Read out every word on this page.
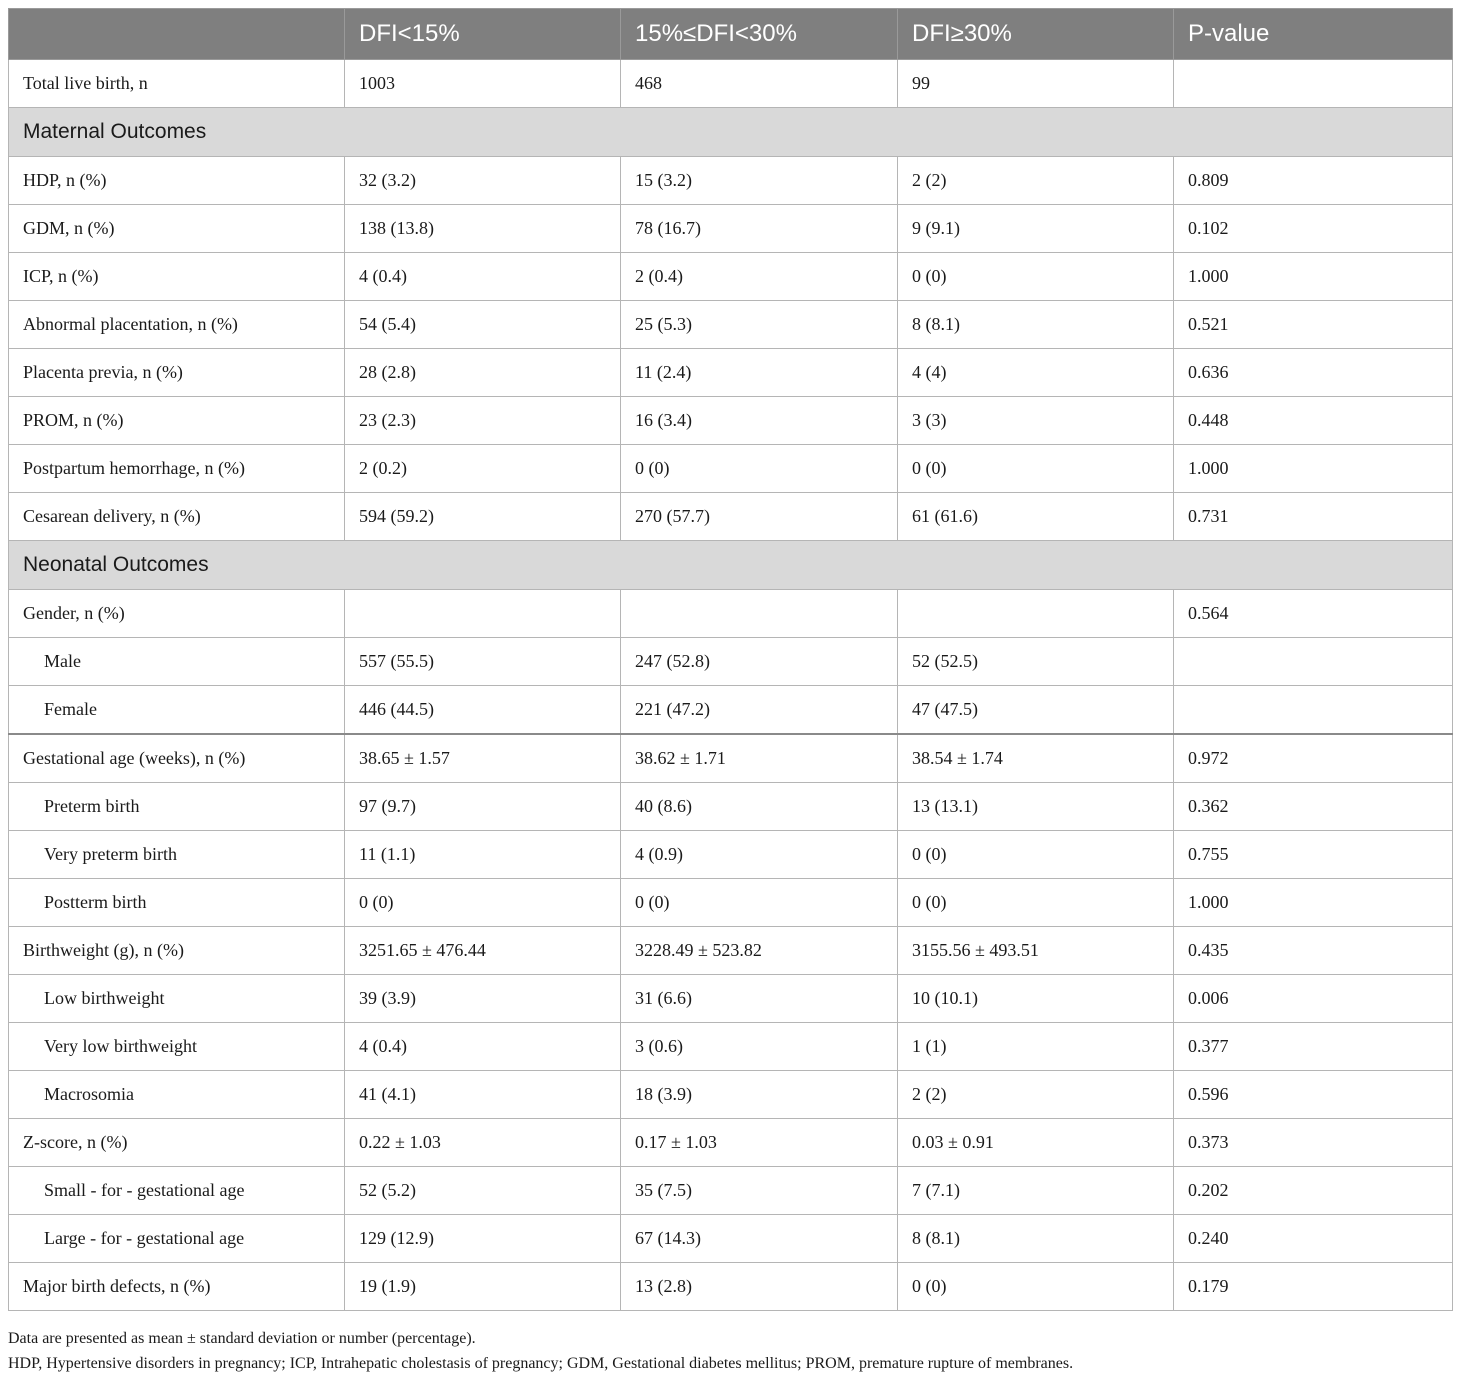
	DFI<15%	15%≤DFI<30%	DFI≥30%	P-value
Total live birth, n	1003	468	99	
Maternal Outcomes				
HDP, n (%)	32 (3.2)	15 (3.2)	2 (2)	0.809
GDM, n (%)	138 (13.8)	78 (16.7)	9 (9.1)	0.102
ICP, n (%)	4 (0.4)	2 (0.4)	0 (0)	1.000
Abnormal placentation, n (%)	54 (5.4)	25 (5.3)	8 (8.1)	0.521
Placenta previa, n (%)	28 (2.8)	11 (2.4)	4 (4)	0.636
PROM, n (%)	23 (2.3)	16 (3.4)	3 (3)	0.448
Postpartum hemorrhage, n (%)	2 (0.2)	0 (0)	0 (0)	1.000
Cesarean delivery, n (%)	594 (59.2)	270 (57.7)	61 (61.6)	0.731
Neonatal Outcomes				
Gender, n (%)				0.564
Male	557 (55.5)	247 (52.8)	52 (52.5)	
Female	446 (44.5)	221 (47.2)	47 (47.5)	
Gestational age (weeks), n (%)	38.65 ± 1.57	38.62 ± 1.71	38.54 ± 1.74	0.972
Preterm birth	97 (9.7)	40 (8.6)	13 (13.1)	0.362
Very preterm birth	11 (1.1)	4 (0.9)	0 (0)	0.755
Postterm birth	0 (0)	0 (0)	0 (0)	1.000
Birthweight (g), n (%)	3251.65 ± 476.44	3228.49 ± 523.82	3155.56 ± 493.51	0.435
Low birthweight	39 (3.9)	31 (6.6)	10 (10.1)	0.006
Very low birthweight	4 (0.4)	3 (0.6)	1 (1)	0.377
Macrosomia	41 (4.1)	18 (3.9)	2 (2)	0.596
Z-score, n (%)	0.22 ± 1.03	0.17 ± 1.03	0.03 ± 0.91	0.373
Small - for - gestational age	52 (5.2)	35 (7.5)	7 (7.1)	0.202
Large - for - gestational age	129 (12.9)	67 (14.3)	8 (8.1)	0.240
Major birth defects, n (%)	19 (1.9)	13 (2.8)	0 (0)	0.179

Data are presented as mean ± standard deviation or number (percentage).

HDP, Hypertensive disorders in pregnancy; ICP, Intrahepatic cholestasis of pregnancy; GDM, Gestational diabetes mellitus; PROM, premature rupture of membranes.
